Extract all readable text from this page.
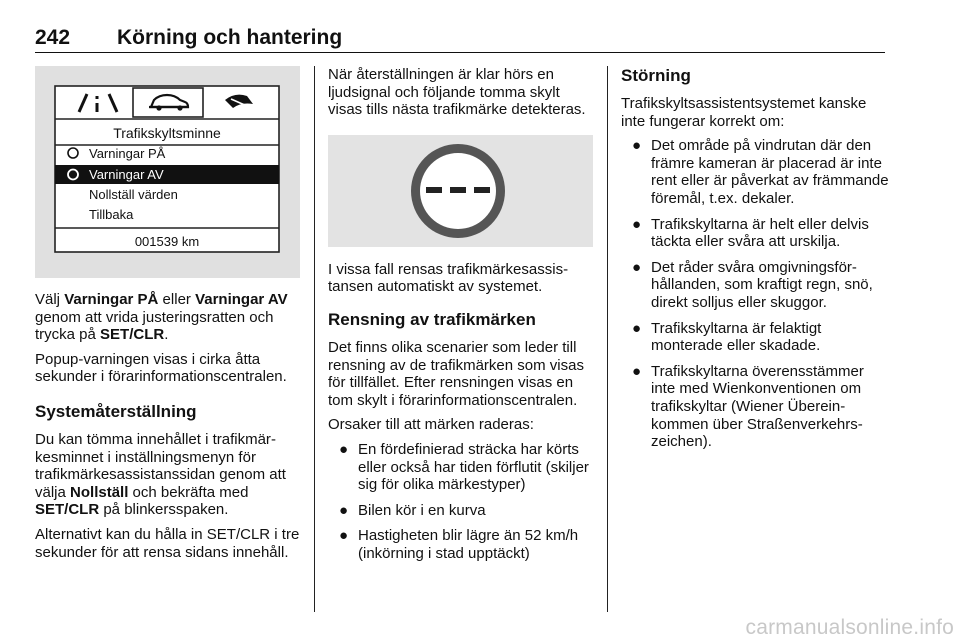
242 Körning och hantering
Trafikskyltsminne
Varningar PÅ
Varningar AV
Nollställ värden
Tillbaka
001539 km

Välj Varningar PÅ eller Varningar AV genom att vrida justeringsratten och trycka på SET/CLR.

Popup-varningen visas i cirka åtta sekunder i förarinformationscentralen.

Systemåterställning

Du kan tömma innehållet i trafikmärkesminnet i inställningsmenyn för trafikmärkesassistanssidan genom att välja Nollställ och bekräfta med SET/CLR på blinkersspaken.

Alternativt kan du hålla in SET/CLR i tre sekunder för att rensa sidans innehåll.

När återställningen är klar hörs en ljudsignal och följande tomma skylt visas tills nästa trafikmärke detekteras.

I vissa fall rensas trafikmärkesassistansen automatiskt av systemet.

Rensning av trafikmärken

Det finns olika scenarier som leder till rensning av de trafikmärken som visas för tillfället. Efter rensningen visas en tom skylt i förarinformationscentralen.

Orsaker till att märken raderas:

● En fördefinierad sträcka har körts eller också har tiden förflutit (skiljer sig för olika märkestyper)
● Bilen kör i en kurva
● Hastigheten blir lägre än 52 km/h (inkörning i stad upptäckt)
Störning

Trafikskyltsassistentsystemet kanske inte fungerar korrekt om:

● Det område på vindrutan där den främre kameran är placerad är inte rent eller är påverkat av främmande föremål, t.ex. dekaler.
● Trafikskyltarna är helt eller delvis täckta eller svåra att urskilja.
● Det råder svåra omgivningsförhållanden, som kraftigt regn, snö, direkt solljus eller skuggor.
● Trafikskyltarna är felaktigt monterade eller skadade.
● Trafikskyltarna överensstämmer inte med Wienkonventionen om trafikskyltar (Wiener Übereinkommen über Straßenverkehrszeichen).
carmanualsonline.info
